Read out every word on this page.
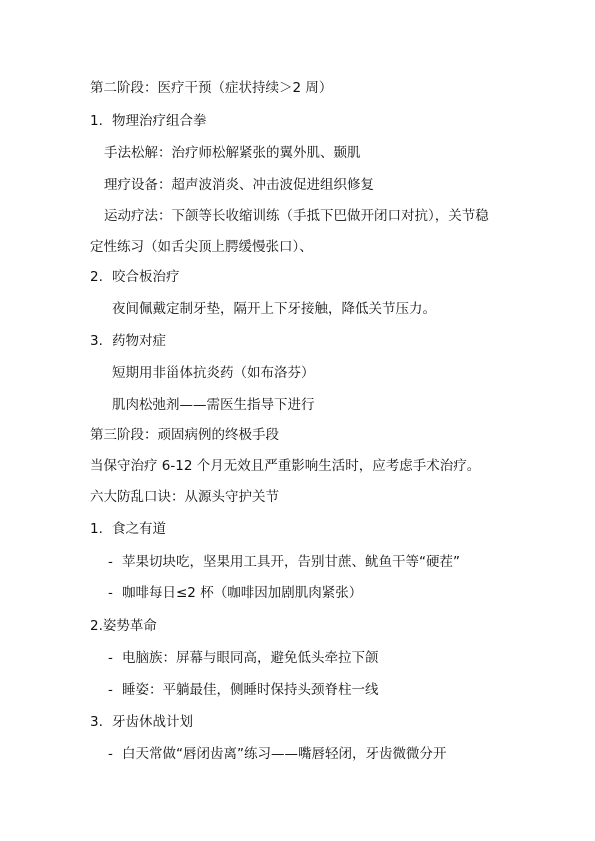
第二阶段：医疗干预（症状持续＞2 周）
1. 物理治疗组合拳
手法松解：治疗师松解紧张的翼外肌、颞肌
理疗设备：超声波消炎、冲击波促进组织修复
运动疗法：下颌等长收缩训练（手抵下巴做开闭口对抗），关节稳
定性练习（如舌尖顶上腭缓慢张口）、
2. 咬合板治疗
夜间佩戴定制牙垫，隔开上下牙接触，降低关节压力。
3. 药物对症
短期用非甾体抗炎药（如布洛芬）
肌肉松弛剂——需医生指导下进行
第三阶段：顽固病例的终极手段
当保守治疗 6-12 个月无效且严重影响生活时，应考虑手术治疗。
六大防乱口诀：从源头守护关节
1. 食之有道
- 苹果切块吃，坚果用工具开，告别甘蔗、鱿鱼干等“硬茬”
- 咖啡每日≤2 杯（咖啡因加剧肌肉紧张）
2.姿势革命
- 电脑族：屏幕与眼同高，避免低头牵拉下颌
- 睡姿：平躺最佳，侧睡时保持头颈脊柱一线
3. 牙齿休战计划
- 白天常做“唇闭齿离”练习——嘴唇轻闭，牙齿微微分开
